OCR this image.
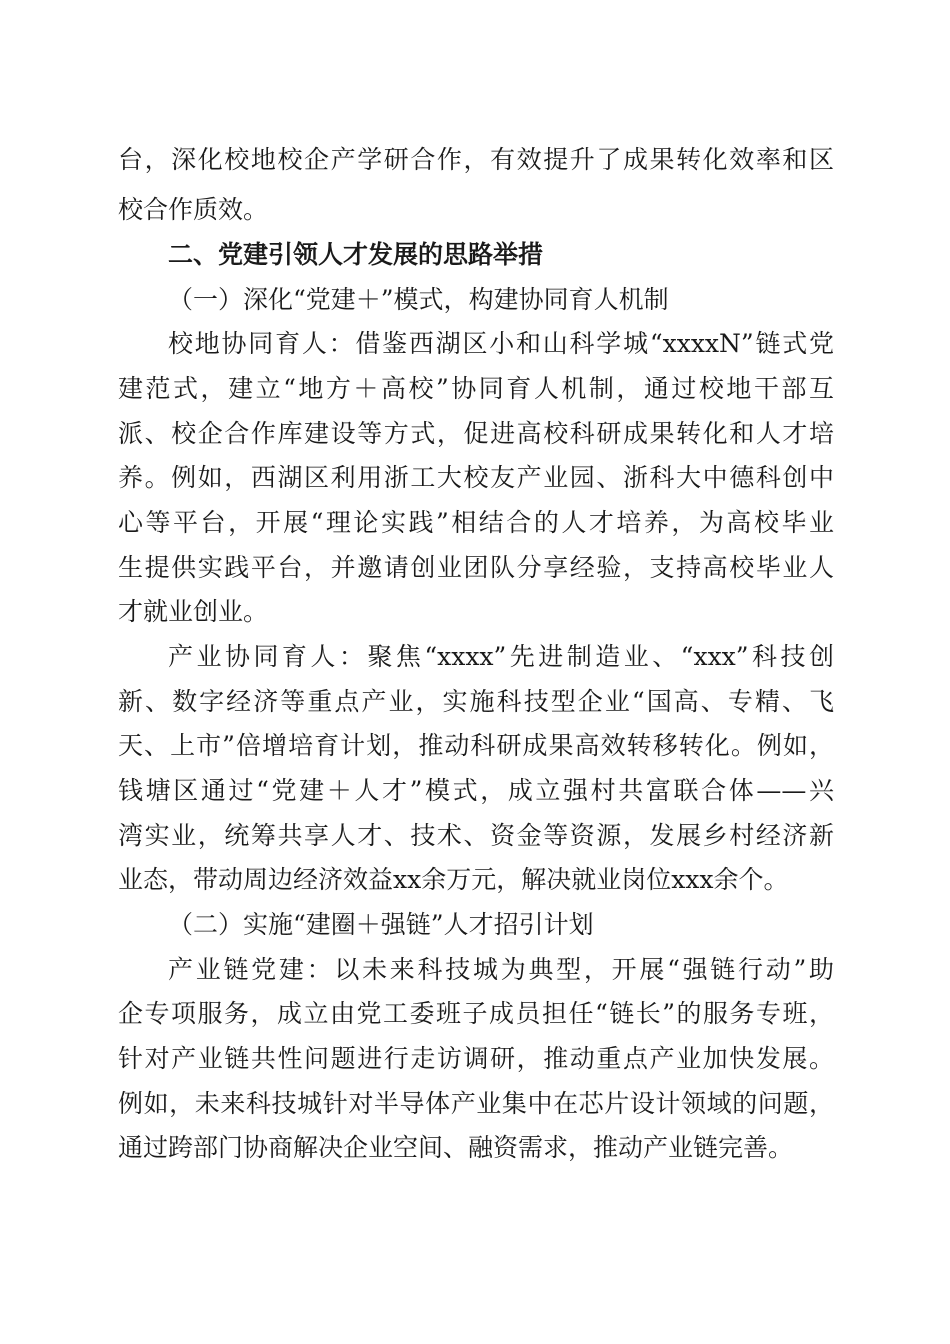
台，深化校地校企产学研合作，有效提升了成果转化效率和区
校合作质效。
二、党建引领人才发展的思路举措
（一）深化“党建＋”模式，构建协同育人机制
校地协同育人：借鉴西湖区小和山科学城“xxxxN”链式党
建范式，建立“地方＋高校”协同育人机制，通过校地干部互
派、校企合作库建设等方式，促进高校科研成果转化和人才培
养。例如，西湖区利用浙工大校友产业园、浙科大中德科创中
心等平台，开展“理论实践”相结合的人才培养，为高校毕业
生提供实践平台，并邀请创业团队分享经验，支持高校毕业人
才就业创业。
产业协同育人：聚焦“xxxx”先进制造业、“xxx”科技创
新、数字经济等重点产业，实施科技型企业“国高、专精、飞
天、上市”倍增培育计划，推动科研成果高效转移转化。例如，
钱塘区通过“党建＋人才”模式，成立强村共富联合体——兴
湾实业，统筹共享人才、技术、资金等资源，发展乡村经济新
业态，带动周边经济效益xx余万元，解决就业岗位xxx余个。
（二）实施“建圈＋强链”人才招引计划
产业链党建：以未来科技城为典型，开展“强链行动”助
企专项服务，成立由党工委班子成员担任“链长”的服务专班，
针对产业链共性问题进行走访调研，推动重点产业加快发展。
例如，未来科技城针对半导体产业集中在芯片设计领域的问题，
通过跨部门协商解决企业空间、融资需求，推动产业链完善。
